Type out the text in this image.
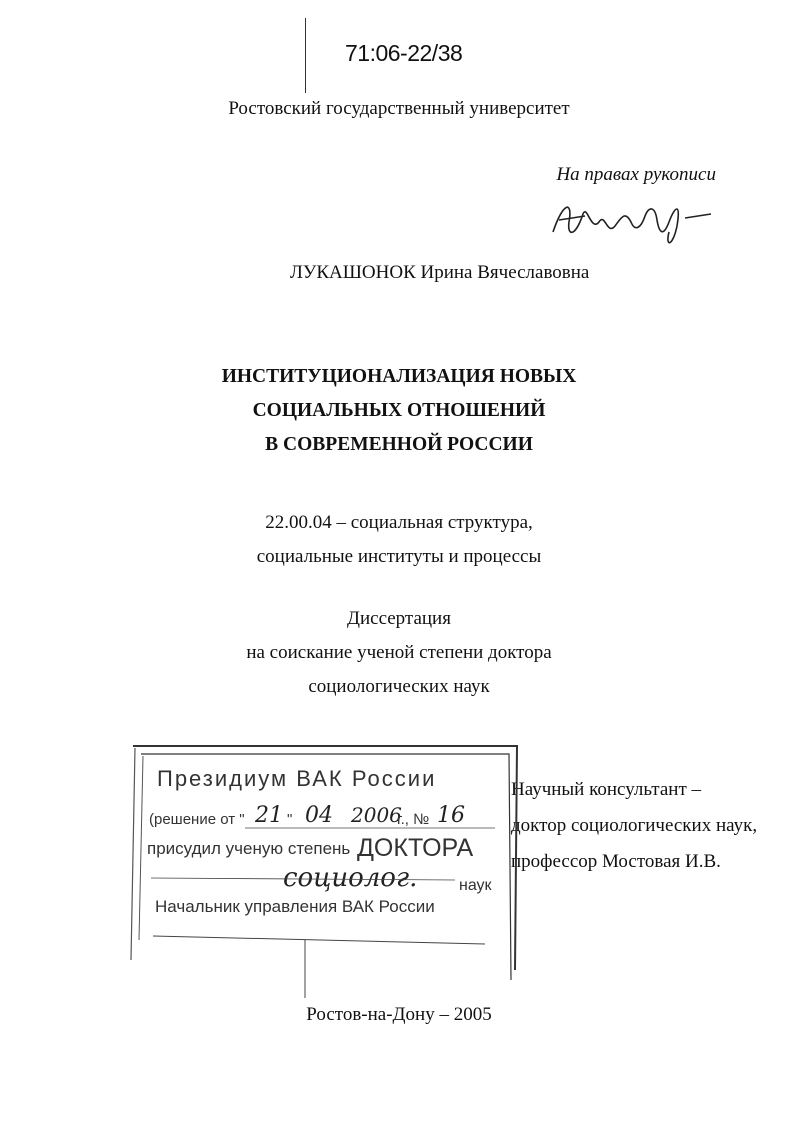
71:06-22/38
Ростовский государственный университет
На правах рукописи
ЛУКАШОНОК Ирина Вячеславовна
ИНСТИТУЦИОНАЛИЗАЦИЯ НОВЫХ
СОЦИАЛЬНЫХ ОТНОШЕНИЙ
В СОВРЕМЕННОЙ РОССИИ
22.00.04 – социальная структура,
социальные институты и процессы
Диссертация
на соискание ученой степени доктора
социологических наук
Научный консультант –
доктор социологических наук,
профессор Мостовая И.В.
Президиум ВАК России
(решение от " 21 " 04 2006
г., № 16
присудил ученую степень ДОКТОРА
социолог.	наук
Начальник управления ВАК России
Ростов-на-Дону – 2005
